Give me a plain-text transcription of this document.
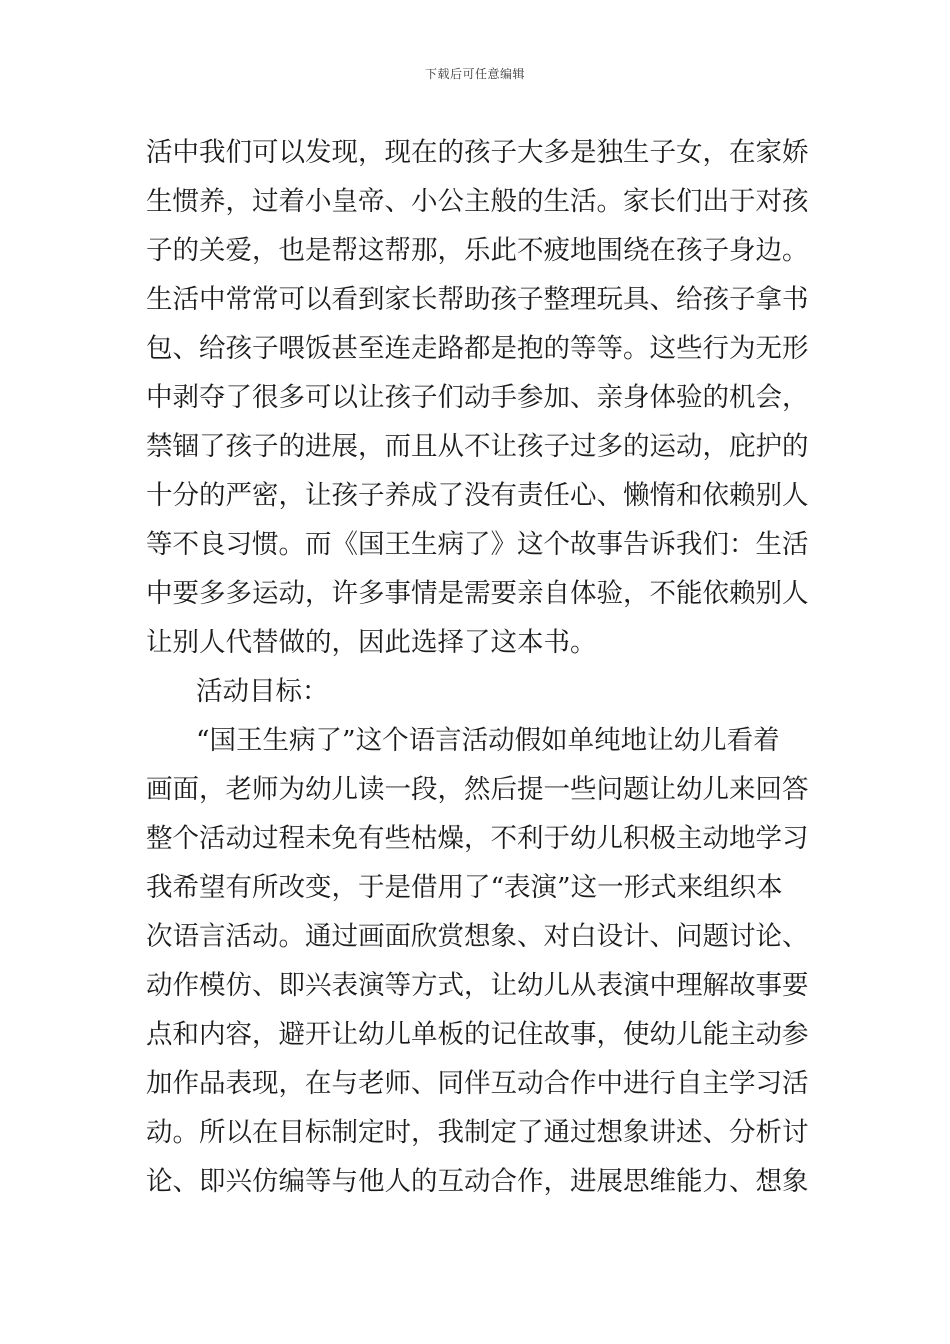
下载后可任意编辑
活中我们可以发现，现在的孩子大多是独生子女，在家娇
生惯养，过着小皇帝、小公主般的生活。家长们出于对孩
子的关爱，也是帮这帮那，乐此不疲地围绕在孩子身边。
生活中常常可以看到家长帮助孩子整理玩具、给孩子拿书
包、给孩子喂饭甚至连走路都是抱的等等。这些行为无形
中剥夺了很多可以让孩子们动手参加、亲身体验的机会，
禁锢了孩子的进展，而且从不让孩子过多的运动，庇护的
十分的严密，让孩子养成了没有责任心、懒惰和依赖别人
等不良习惯。而《国王生病了》这个故事告诉我们：生活
中要多多运动，许多事情是需要亲自体验，不能依赖别人
让别人代替做的，因此选择了这本书。
活动目标：
“国王生病了”这个语言活动假如单纯地让幼儿看着
画面，老师为幼儿读一段，然后提一些问题让幼儿来回答
整个活动过程未免有些枯燥，不利于幼儿积极主动地学习
我希望有所改变，于是借用了“表演”这一形式来组织本
次语言活动。通过画面欣赏想象、对白设计、问题讨论、
动作模仿、即兴表演等方式，让幼儿从表演中理解故事要
点和内容，避开让幼儿单板的记住故事，使幼儿能主动参
加作品表现，在与老师、同伴互动合作中进行自主学习活
动。所以在目标制定时，我制定了通过想象讲述、分析讨
论、即兴仿编等与他人的互动合作，进展思维能力、想象
